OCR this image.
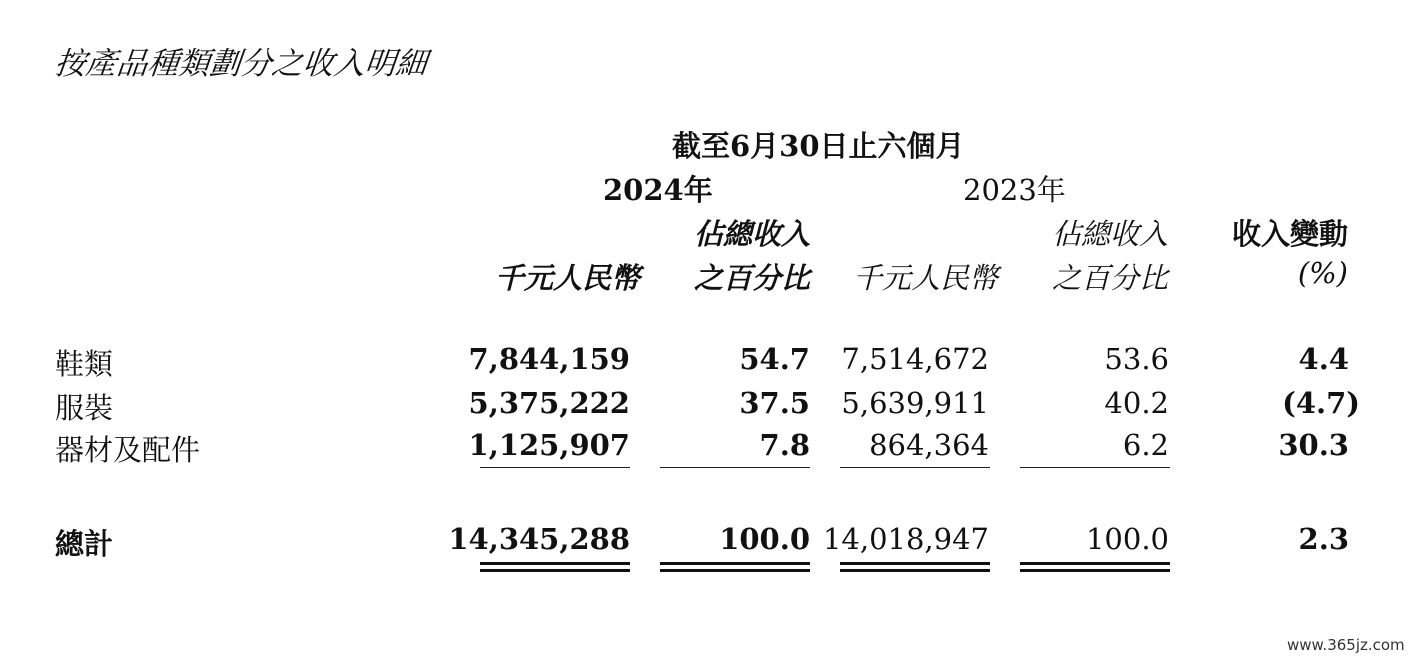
按產品種類劃分之收入明細
截至6月30日止六個月
2024年	2023年
佔總收入	佔總收入 收入變動
千元人民幣 之百分比 千元人民幣 之百分比	(%)
鞋類	7,844,159	54.7 7,514,672	53.6	4.4
服裝	5,375,222	37.5 5,639,911	40.2	(4.7)
器材及配件	1,125,907	7.8 864,364	6.2	30.3
總計	14,345,288	100.0 14,018,947	100.0	2.3
www.365jz.com
